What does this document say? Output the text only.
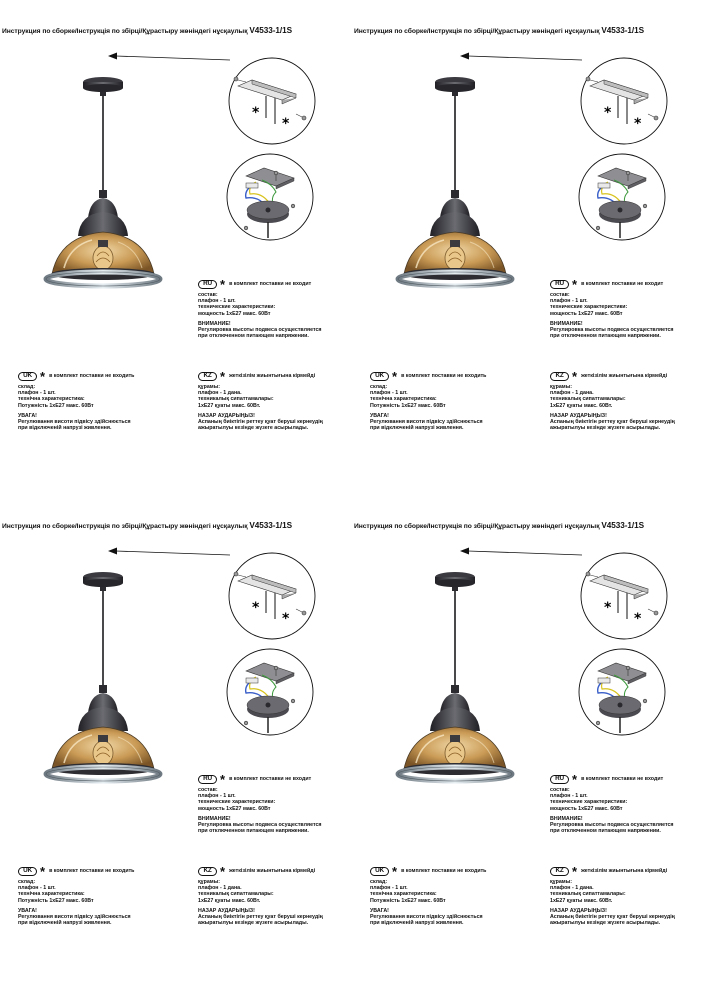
Инструкция по сборке/Інструкція по збірці/Құрастыру жөніндегі нұсқаулық V4533-1/1S
*
*
RU * в комплект поставки не входит

состав:

плафон - 1 шт.

технические характеристики:

мощность 1хЕ27 макс. 60Вт

ВНИМАНИЕ!

Регулировка высоты подвеса осуществляется

при отключенном питающем напряжении.

UK * в комплект поставки не входить

склад:

плафон - 1 шт.

технічна характеристика:

Потужність 1хЕ27 макс. 60Вт

УВАГА!

Регулювання висоти підвісу здійснюється

при відключеній напрузі живлення.

KZ * жеткізілім жиынтығына кірмейді

құрамы:

плафон - 1 дана.

техникалық сипаттамалары:

1хЕ27 қуаты макс. 60Вт.

НАЗАР АУДАРЫҢЫЗ!

Аспаның биіктігін реттеу қуат беруші кернеудің

ажыратылуы кезінде жүзеге асырылады.

Инструкция по сборке/Інструкція по збірці/Құрастыру жөніндегі нұсқаулық V4533-1/1S
*
*
RU * в комплект поставки не входит

состав:

плафон - 1 шт.

технические характеристики:

мощность 1хЕ27 макс. 60Вт

ВНИМАНИЕ!

Регулировка высоты подвеса осуществляется

при отключенном питающем напряжении.

UK * в комплект поставки не входить

склад:

плафон - 1 шт.

технічна характеристика:

Потужність 1хЕ27 макс. 60Вт

УВАГА!

Регулювання висоти підвісу здійснюється

при відключеній напрузі живлення.

KZ * жеткізілім жиынтығына кірмейді

құрамы:

плафон - 1 дана.

техникалық сипаттамалары:

1хЕ27 қуаты макс. 60Вт.

НАЗАР АУДАРЫҢЫЗ!

Аспаның биіктігін реттеу қуат беруші кернеудің

ажыратылуы кезінде жүзеге асырылады.

Инструкция по сборке/Інструкція по збірці/Құрастыру жөніндегі нұсқаулық V4533-1/1S
*
*
RU * в комплект поставки не входит

состав:

плафон - 1 шт.

технические характеристики:

мощность 1хЕ27 макс. 60Вт

ВНИМАНИЕ!

Регулировка высоты подвеса осуществляется

при отключенном питающем напряжении.

UK * в комплект поставки не входить

склад:

плафон - 1 шт.

технічна характеристика:

Потужність 1хЕ27 макс. 60Вт

УВАГА!

Регулювання висоти підвісу здійснюється

при відключеній напрузі живлення.

KZ * жеткізілім жиынтығына кірмейді

құрамы:

плафон - 1 дана.

техникалық сипаттамалары:

1хЕ27 қуаты макс. 60Вт.

НАЗАР АУДАРЫҢЫЗ!

Аспаның биіктігін реттеу қуат беруші кернеудің

ажыратылуы кезінде жүзеге асырылады.

Инструкция по сборке/Інструкція по збірці/Құрастыру жөніндегі нұсқаулық V4533-1/1S
*
*
RU * в комплект поставки не входит

состав:

плафон - 1 шт.

технические характеристики:

мощность 1хЕ27 макс. 60Вт

ВНИМАНИЕ!

Регулировка высоты подвеса осуществляется

при отключенном питающем напряжении.

UK * в комплект поставки не входить

склад:

плафон - 1 шт.

технічна характеристика:

Потужність 1хЕ27 макс. 60Вт

УВАГА!

Регулювання висоти підвісу здійснюється

при відключеній напрузі живлення.

KZ * жеткізілім жиынтығына кірмейді

құрамы:

плафон - 1 дана.

техникалық сипаттамалары:

1хЕ27 қуаты макс. 60Вт.

НАЗАР АУДАРЫҢЫЗ!

Аспаның биіктігін реттеу қуат беруші кернеудің

ажыратылуы кезінде жүзеге асырылады.
